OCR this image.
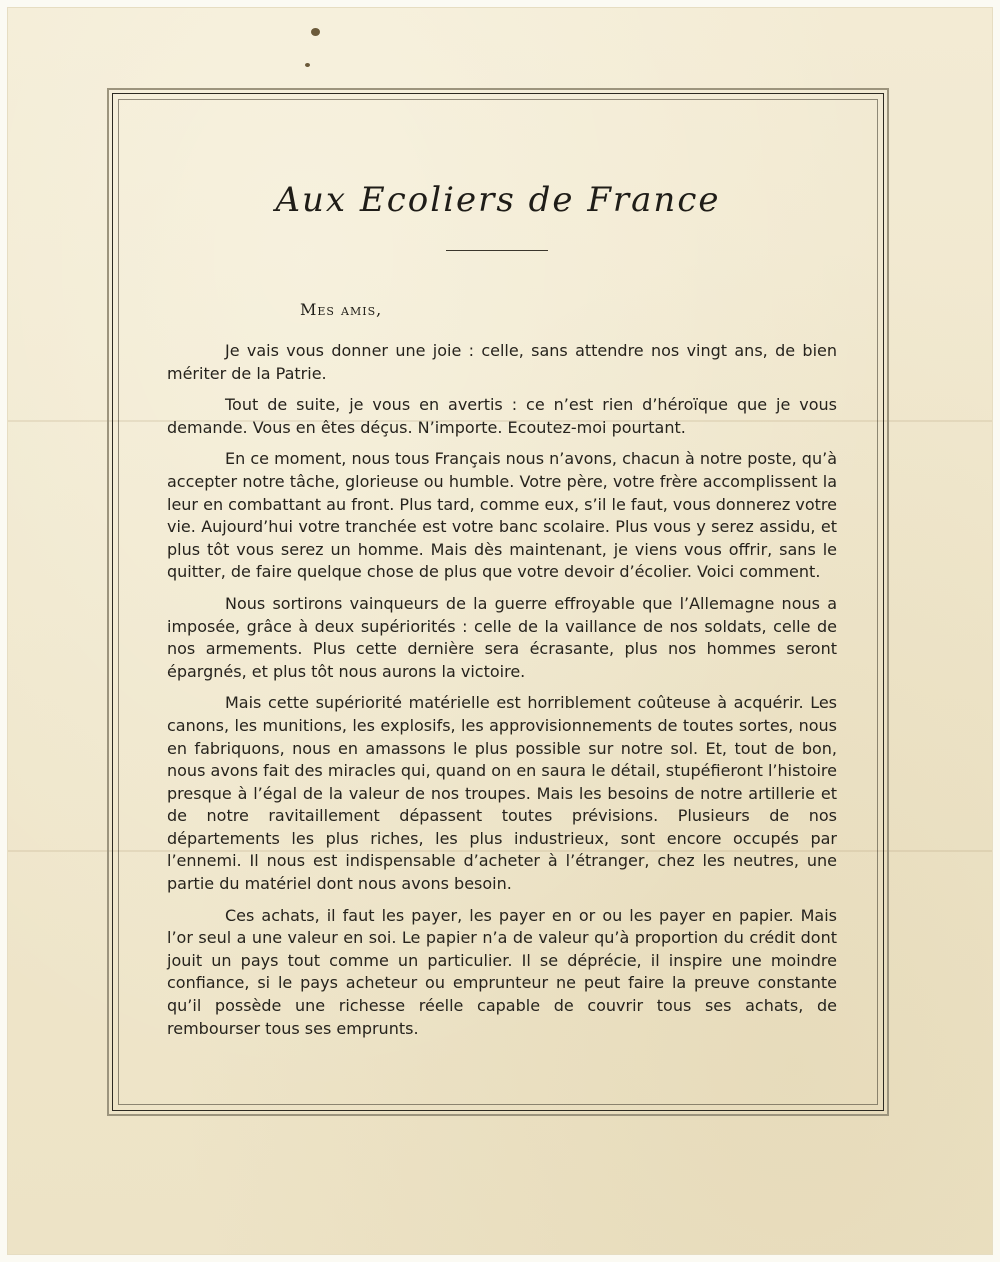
Aux Ecoliers de France
Mes amis,

Je vais vous donner une joie : celle, sans attendre nos vingt ans, de bien mériter de la Patrie.

Tout de suite, je vous en avertis : ce n’est rien d’héroïque que je vous demande. Vous en êtes déçus. N’importe. Ecoutez-moi pourtant.

En ce moment, nous tous Français nous n’avons, chacun à notre poste, qu’à accepter notre tâche, glorieuse ou humble. Votre père, votre frère accomplissent la leur en combattant au front. Plus tard, comme eux, s’il le faut, vous donnerez votre vie. Aujourd’hui votre tranchée est votre banc scolaire. Plus vous y serez assidu, et plus tôt vous serez un homme. Mais dès maintenant, je viens vous offrir, sans le quitter, de faire quelque chose de plus que votre devoir d’écolier. Voici comment.

Nous sortirons vainqueurs de la guerre effroyable que l’Allemagne nous a imposée, grâce à deux supériorités : celle de la vaillance de nos soldats, celle de nos armements. Plus cette dernière sera écrasante, plus nos hommes seront épargnés, et plus tôt nous aurons la victoire.

Mais cette supériorité matérielle est horriblement coûteuse à acquérir. Les canons, les munitions, les explosifs, les approvisionnements de toutes sortes, nous en fabriquons, nous en amassons le plus possible sur notre sol. Et, tout de bon, nous avons fait des miracles qui, quand on en saura le détail, stupéfieront l’histoire presque à l’égal de la valeur de nos troupes. Mais les besoins de notre artillerie et de notre ravitaillement dépassent toutes prévisions. Plusieurs de nos départements les plus riches, les plus industrieux, sont encore occupés par l’ennemi. Il nous est indispensable d’acheter à l’étranger, chez les neutres, une partie du matériel dont nous avons besoin.

Ces achats, il faut les payer, les payer en or ou les payer en papier. Mais l’or seul a une valeur en soi. Le papier n’a de valeur qu’à proportion du crédit dont jouit un pays tout comme un particulier. Il se déprécie, il inspire une moindre confiance, si le pays acheteur ou emprunteur ne peut faire la preuve constante qu’il possède une richesse réelle capable de couvrir tous ses achats, de rembourser tous ses emprunts.
